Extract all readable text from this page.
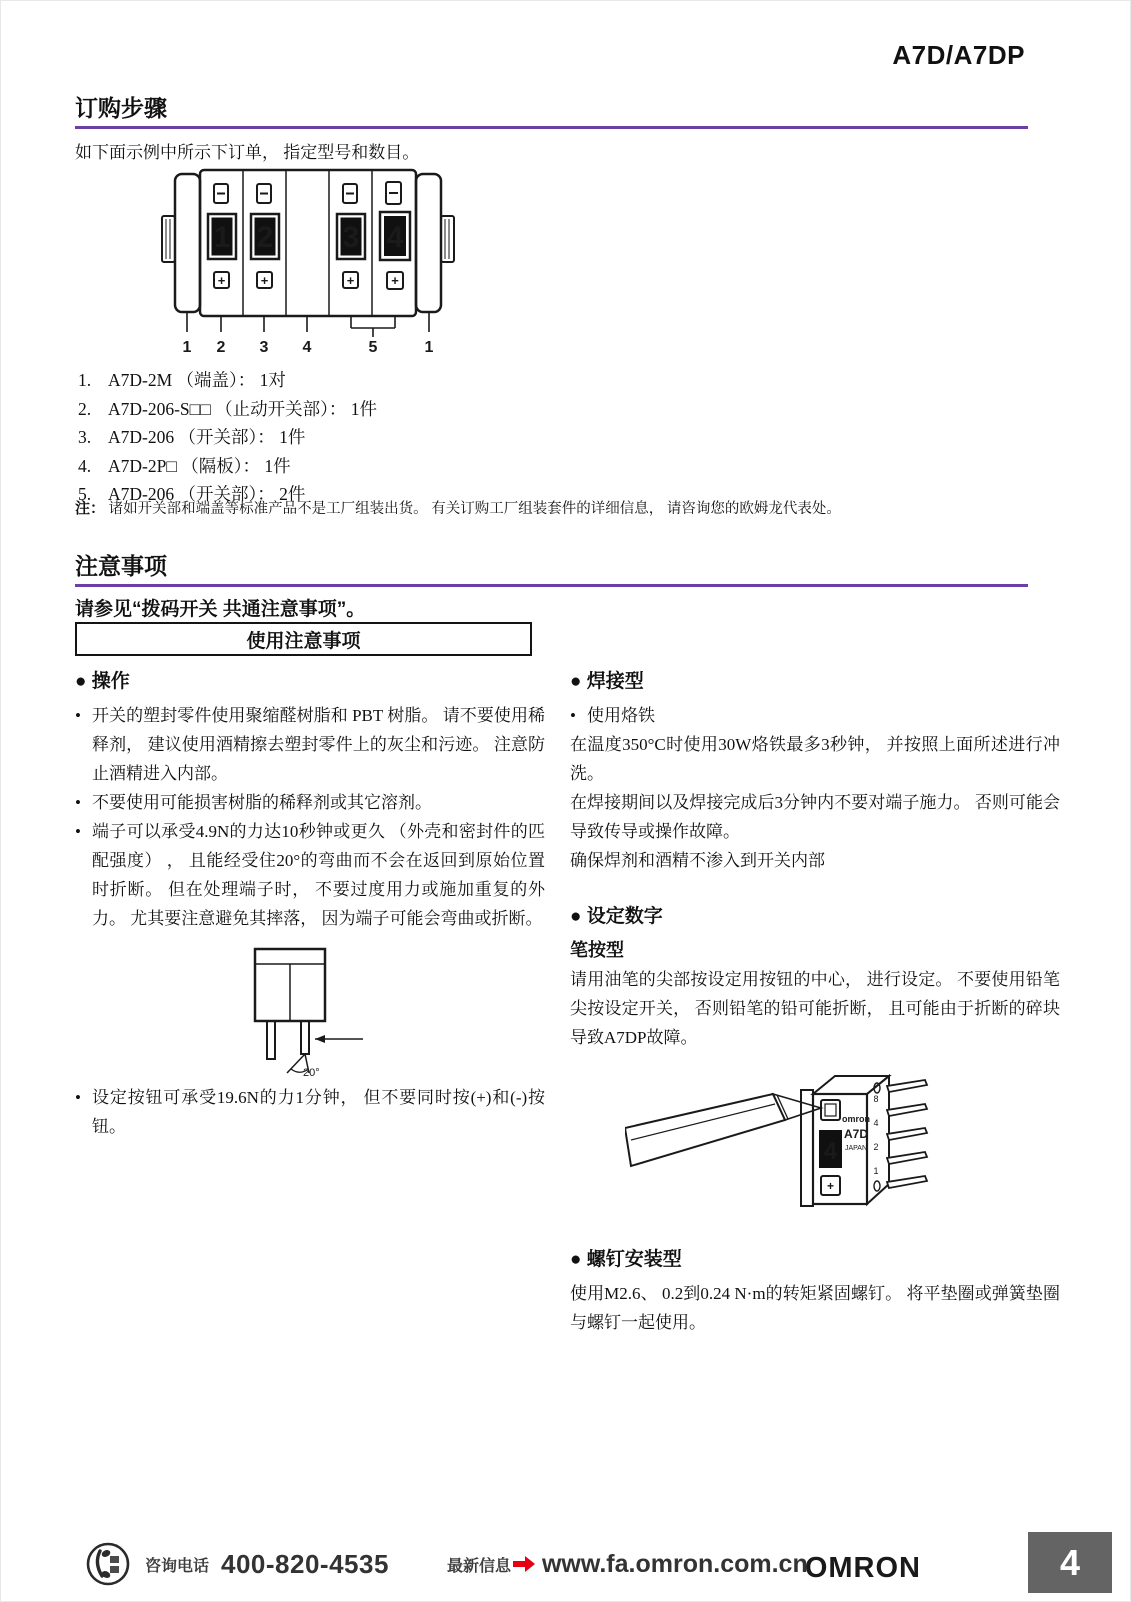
A7D/A7DP
订购步骤
如下面示例中所示下订单， 指定型号和数目。
1
+
2
+
3
+
4
+
1 2 3 4	5	1
1. A7D-2M （端盖）： 1对
2. A7D-206-S□□ （止动开关部）： 1件
3. A7D-206 （开关部）： 1件
4. A7D-2P□ （隔板）： 1件
5. A7D-206 （开关部）： 2件
注： 诸如开关部和端盖等标准产品不是工厂组装出货。 有关订购工厂组装套件的详细信息， 请咨询您的欧姆龙代表处。
注意事项
请参见“拨码开关 共通注意事项”。
使用注意事项
● 操作
• 开关的塑封零件使用聚缩醛树脂和 PBT 树脂。 请不要使用稀释剂， 建议使用酒精擦去塑封零件上的灰尘和污迹。 注意防止酒精进入内部。
• 不要使用可能损害树脂的稀释剂或其它溶剂。
• 端子可以承受4.9N的力达10秒钟或更久 （外壳和密封件的匹配强度） ， 且能经受住20°的弯曲而不会在返回到原始位置时折断。 但在处理端子时， 不要过度用力或施加重复的外力。 尤其要注意避免其摔落， 因为端子可能会弯曲或折断。
20°
• 设定按钮可承受19.6N的力1分钟， 但不要同时按(+)和(-)按钮。
● 焊接型
• 使用烙铁
在温度350°C时使用30W烙铁最多3秒钟， 并按照上面所述进行冲洗。
在焊接期间以及焊接完成后3分钟内不要对端子施力。 否则可能会导致传导或操作故障。
确保焊剂和酒精不渗入到开关内部
● 设定数字
笔按型
请用油笔的尖部按设定用按钮的中心， 进行设定。 不要使用铅笔尖按设定开关， 否则铅笔的铅可能折断， 且可能由于折断的碎块导致A7DP故障。
4
+
omron
A7D
JAPAN
8
4
2
1
● 螺钉安装型
使用M2.6、 0.2到0.24 N·m的转矩紧固螺钉。 将平垫圈或弹簧垫圈与螺钉一起使用。
咨询电话 400-820-4535	最新信息 www.fa.omron.com.cn
OMRON	4
